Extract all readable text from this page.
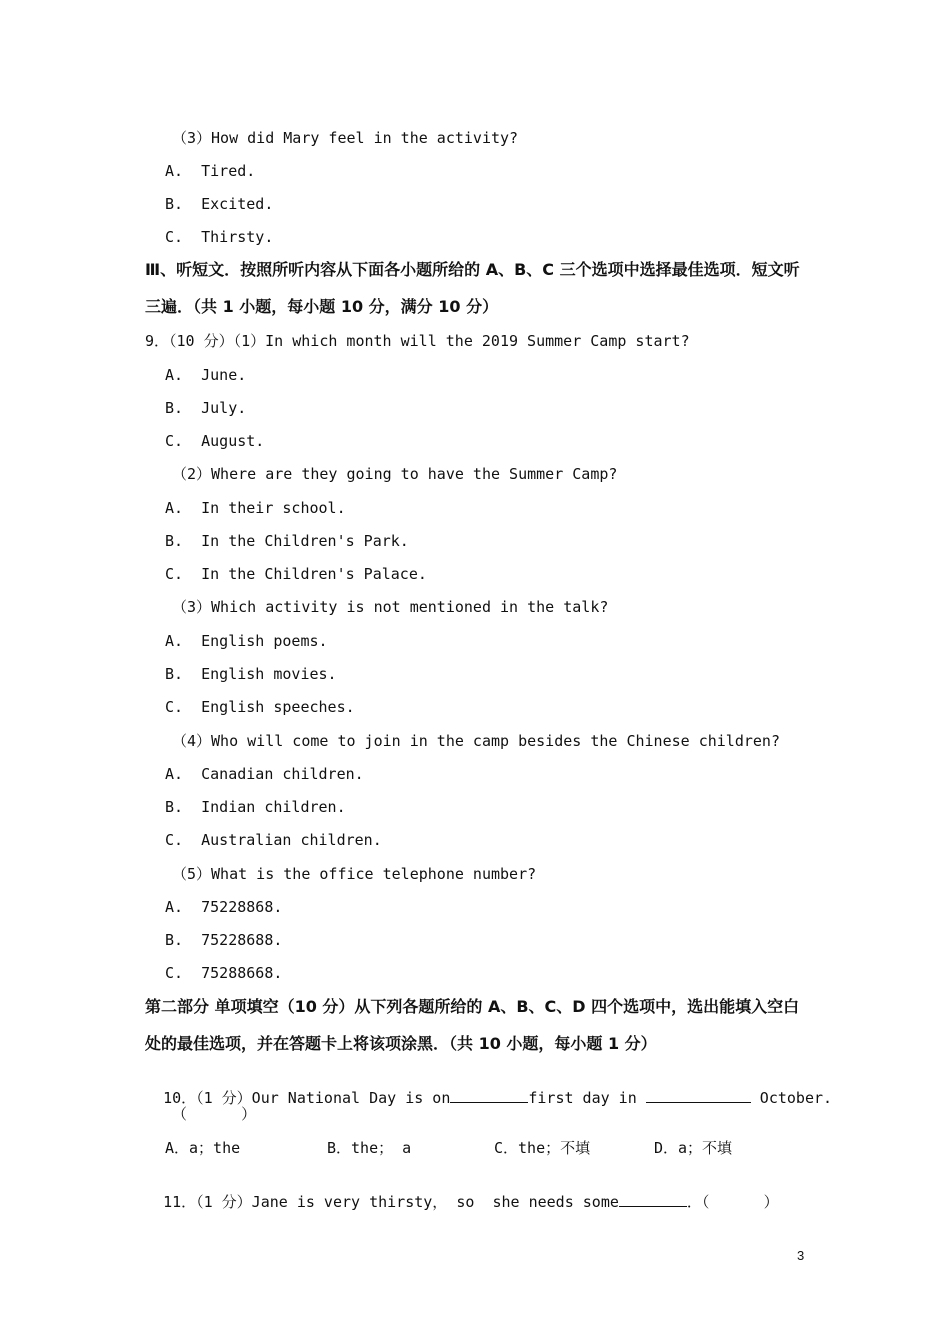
（3）How did Mary feel in the activity?
A.  Tired.
B.  Excited.
C.  Thirsty.
Ⅲ、听短文．按照所听内容从下面各小题所给的 A、B、C 三个选项中选择最佳选项．短文听
三遍．（共 1 小题，每小题 10 分，满分 10 分）
9．（10 分）（1）In which month will the 2019 Summer Camp start?
A.  June.
B.  July.
C.  August.
（2）Where are they going to have the Summer Camp?
A.  In their school.
B.  In the Children's Park.
C.  In the Children's Palace.
（3）Which activity is not mentioned in the talk?
A.  English poems.
B.  English movies.
C.  English speeches.
（4）Who will come to join in the camp besides the Chinese children?
A.  Canadian children.
B.  Indian children.
C.  Australian children.
（5）What is the office telephone number?
A.  75228868.
B.  75228688.
C.  75288668.
第二部分 单项填空（10 分）从下列各题所给的 A、B、C、D 四个选项中，选出能填入空白
处的最佳选项，并在答题卡上将该项涂黑．（共 10 小题，每小题 1 分）

10．（1 分）Our National Day is on	first day in	October.

（      ）
A．a；the	B．the； a	C．the；不填	D．a；不填

11．（1 分）Jane is very thirsty， so  she needs some	．（      ）

3
